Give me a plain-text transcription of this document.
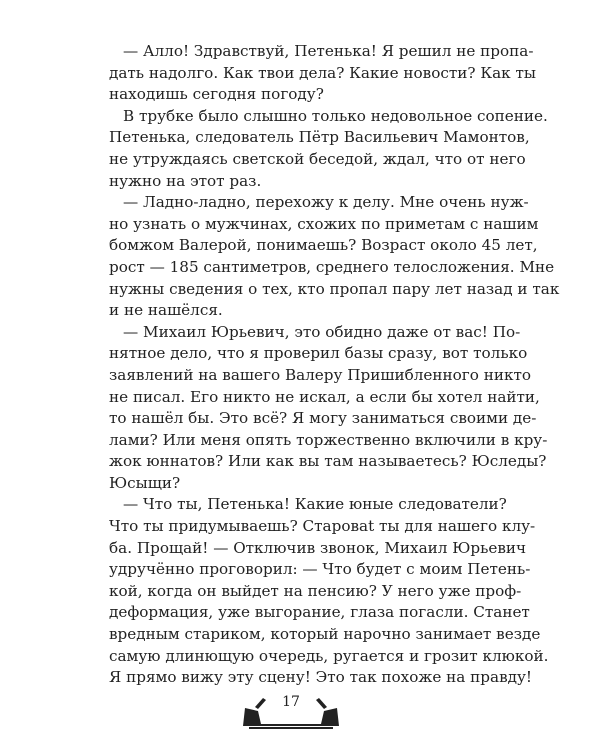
— Алло! Здравствуй, Петенька! Я решил не пропа-
дать надолго. Как твои дела? Какие новости? Как ты
находишь сегодня погоду?
В трубке было слышно только недовольное сопение.
Петенька, следователь Пётр Васильевич Мамонтов,
не утруждаясь светской беседой, ждал, что от него
нужно на этот раз.
— Ладно-ладно, перехожу к делу. Мне очень нуж-
но узнать о мужчинах, схожих по приметам с нашим
бомжом Валерой, понимаешь? Возраст около 45 лет,
рост — 185 сантиметров, среднего телосложения. Мне
нужны сведения о тех, кто пропал пару лет назад и так
и не нашёлся.
— Михаил Юрьевич, это обидно даже от вас! По-
нятное дело, что я проверил базы сразу, вот только
заявлений на вашего Валеру Пришибленного никто
не писал. Его никто не искал, а если бы хотел найти,
то нашёл бы. Это всё? Я могу заниматься своими де-
лами? Или меня опять торжественно включили в кру-
жок юннатов? Или как вы там называетесь? Юследы?
Юсыщи?
— Что ты, Петенька! Какие юные следователи?
Что ты придумываешь? Старовat ты для нашего клу-
ба. Прощай! — Отключив звонок, Михаил Юрьевич
удручённо проговорил: — Что будет с моим Петень-
кой, когда он выйдет на пенсию? У него уже проф-
деформация, уже выгорание, глаза погасли. Станет
вредным стариком, который нарочно занимает везде
самую длинющую очередь, ругается и грозит клюкой.
Я прямо вижу эту сцену! Это так похоже на правду!
17
